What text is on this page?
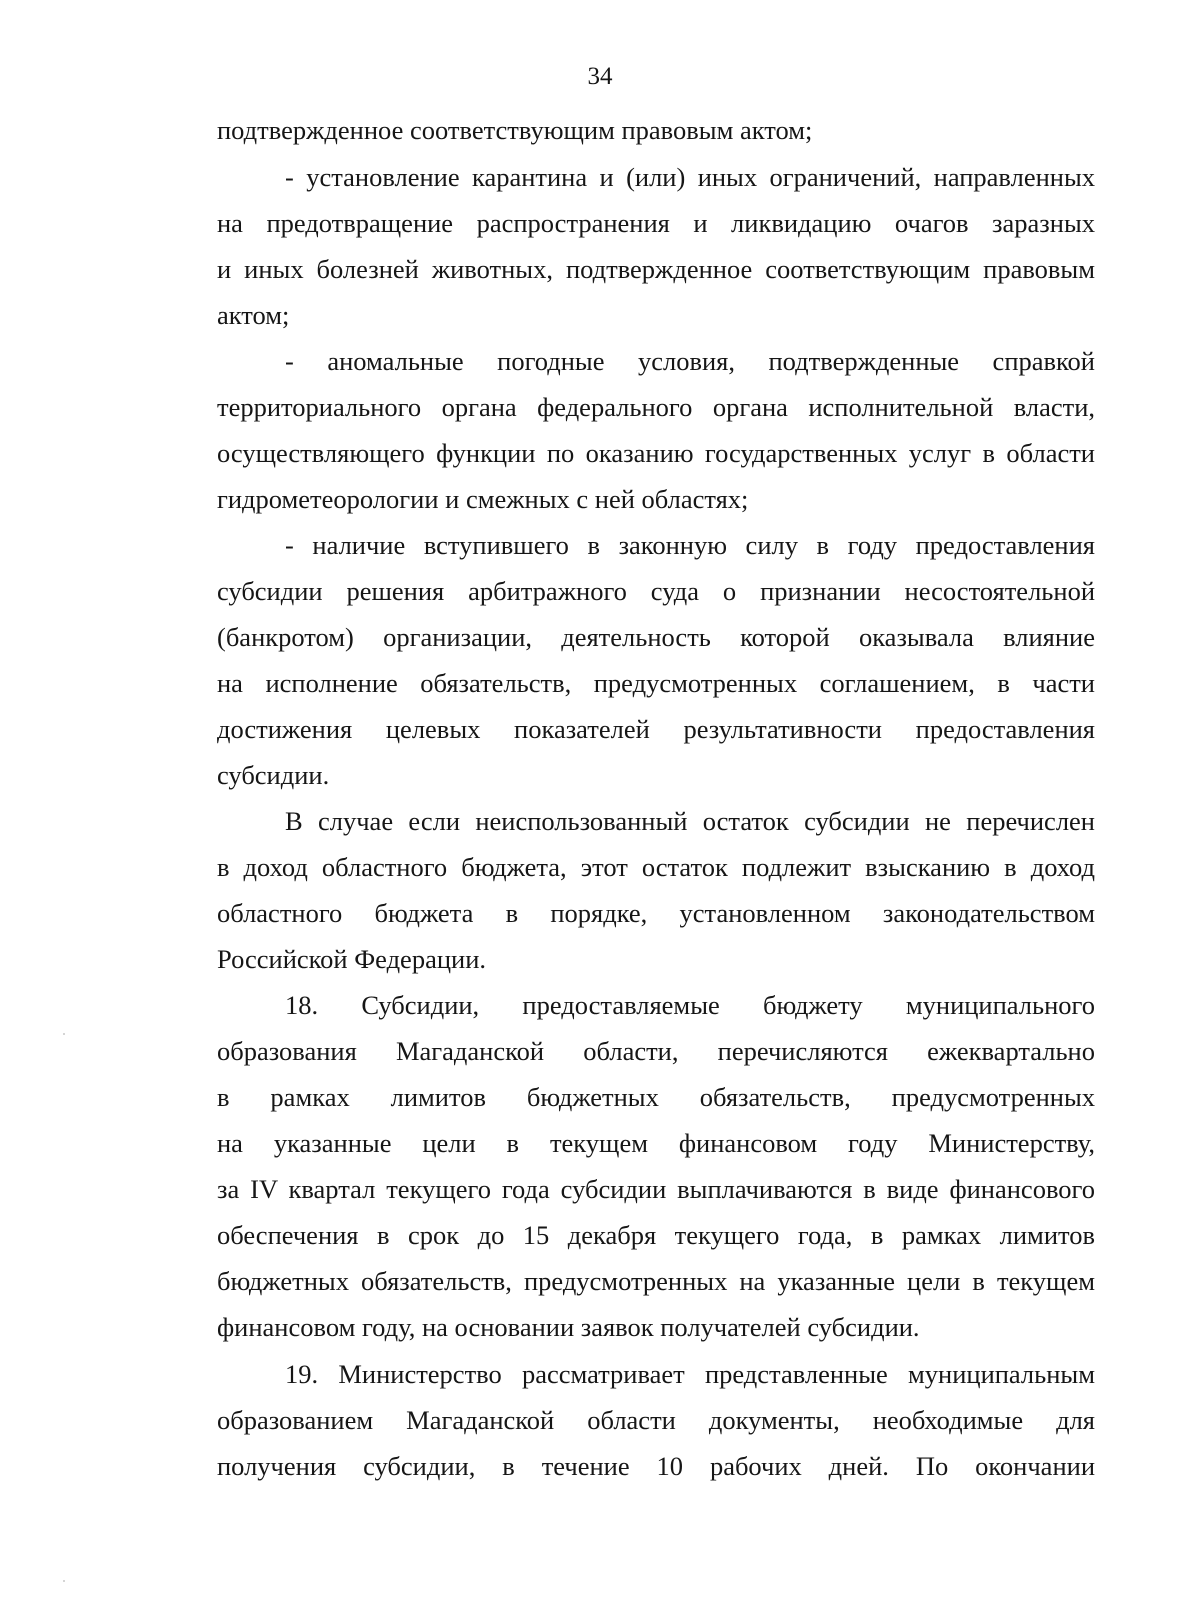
34
подтвержденное соответствующим правовым актом;
- установление карантина и (или) иных ограничений, направленных
на предотвращение распространения и ликвидацию очагов заразных
и иных болезней животных, подтвержденное соответствующим правовым
актом;
- аномальные погодные условия, подтвержденные справкой
территориального органа федерального органа исполнительной власти,
осуществляющего функции по оказанию государственных услуг в области
гидрометеорологии и смежных с ней областях;
- наличие вступившего в законную силу в году предоставления
субсидии решения арбитражного суда о признании несостоятельной
(банкротом) организации, деятельность которой оказывала влияние
на исполнение обязательств, предусмотренных соглашением, в части
достижения целевых показателей результативности предоставления
субсидии.
В случае если неиспользованный остаток субсидии не перечислен
в доход областного бюджета, этот остаток подлежит взысканию в доход
областного бюджета в порядке, установленном законодательством
Российской Федерации.
18. Субсидии, предоставляемые бюджету муниципального
образования Магаданской области, перечисляются ежеквартально
в рамках лимитов бюджетных обязательств, предусмотренных
на указанные цели в текущем финансовом году Министерству,
за IV квартал текущего года субсидии выплачиваются в виде финансового
обеспечения в срок до 15 декабря текущего года, в рамках лимитов
бюджетных обязательств, предусмотренных на указанные цели в текущем
финансовом году, на основании заявок получателей субсидии.
19. Министерство рассматривает представленные муниципальным
образованием Магаданской области документы, необходимые для
получения субсидии, в течение 10 рабочих дней. По окончании
